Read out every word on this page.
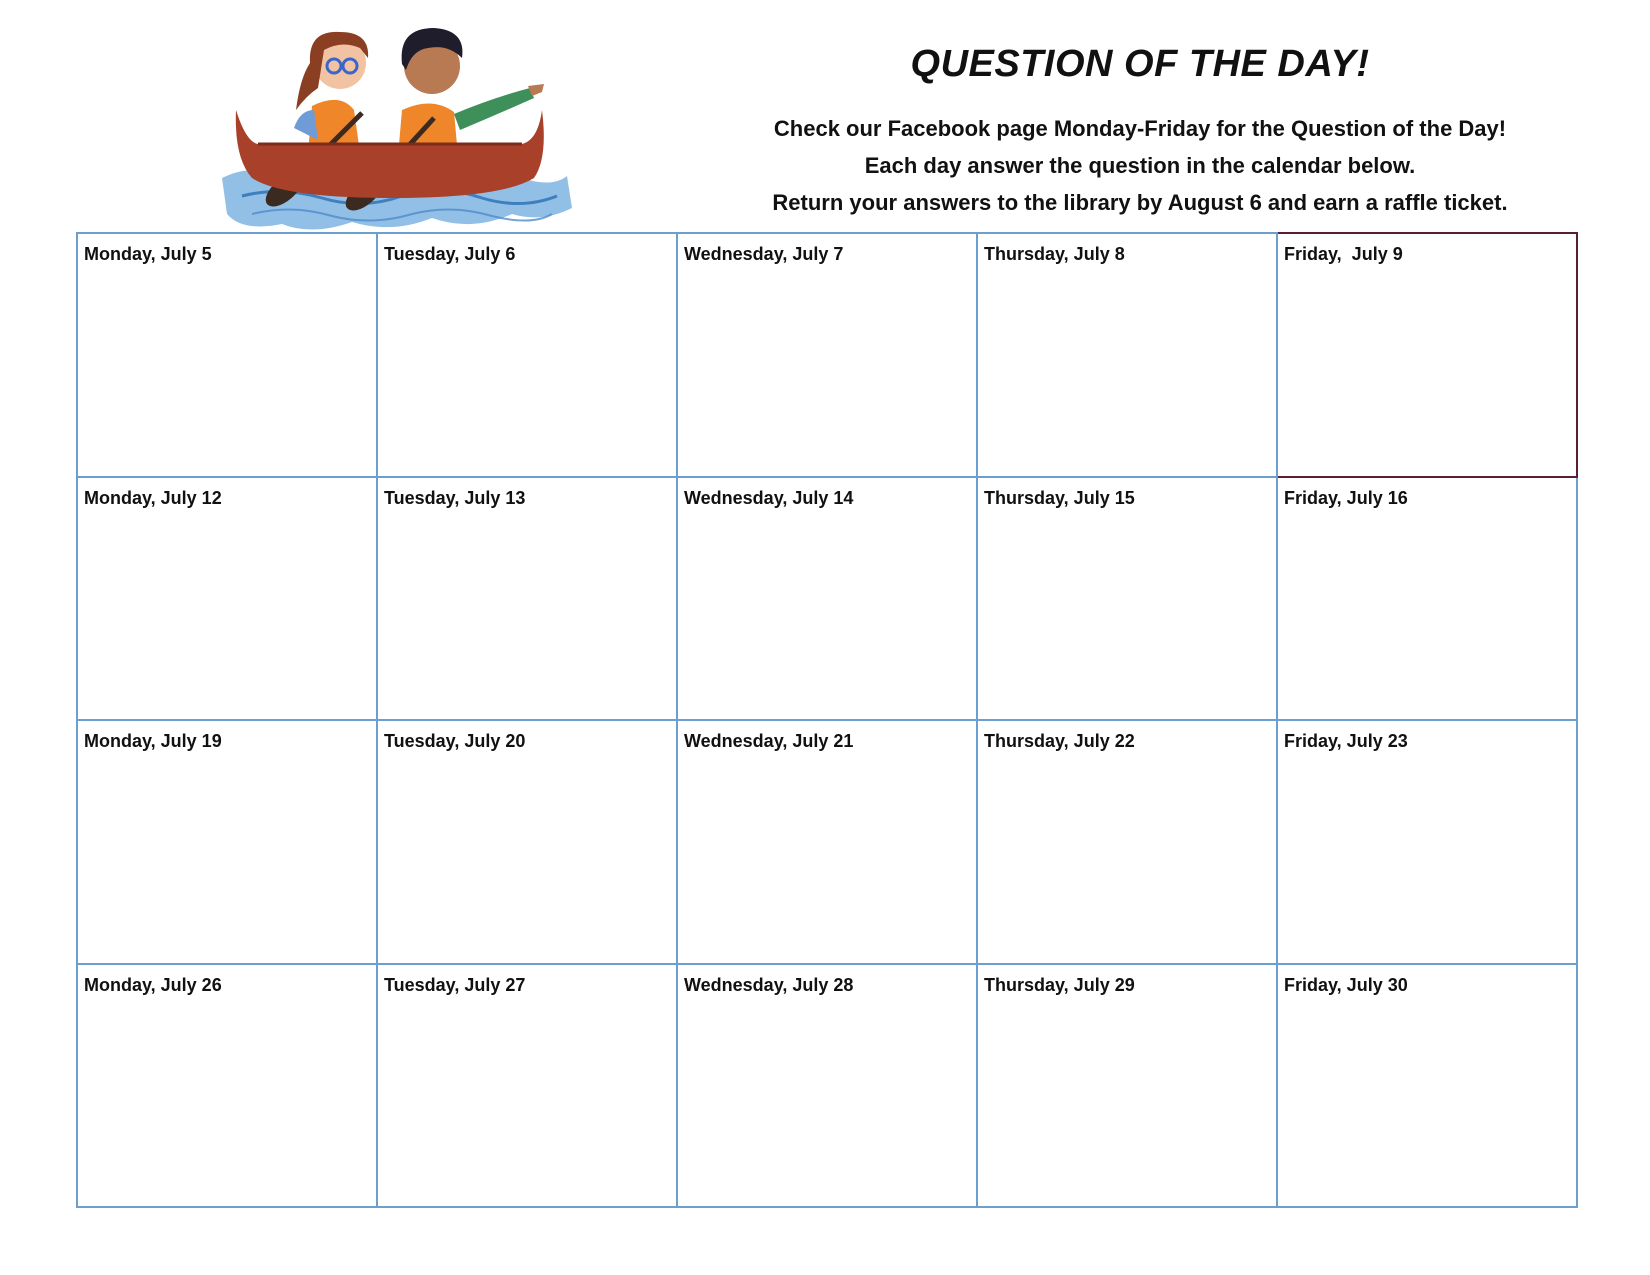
QUESTION OF THE DAY!

Check our Facebook page Monday-Friday for the Question of the Day!

Each day answer the question in the calendar below.

Return your answers to the library by August 6 and earn a raffle ticket.

Monday, July 5	Tuesday, July 6	Wednesday, July 7	Thursday, July 8	Friday,  July 9
Monday, July 12	Tuesday, July 13	Wednesday, July 14	Thursday, July 15	Friday, July 16
Monday, July 19	Tuesday, July 20	Wednesday, July 21	Thursday, July 22	Friday, July 23
Monday, July 26	Tuesday, July 27	Wednesday, July 28	Thursday, July 29	Friday, July 30
